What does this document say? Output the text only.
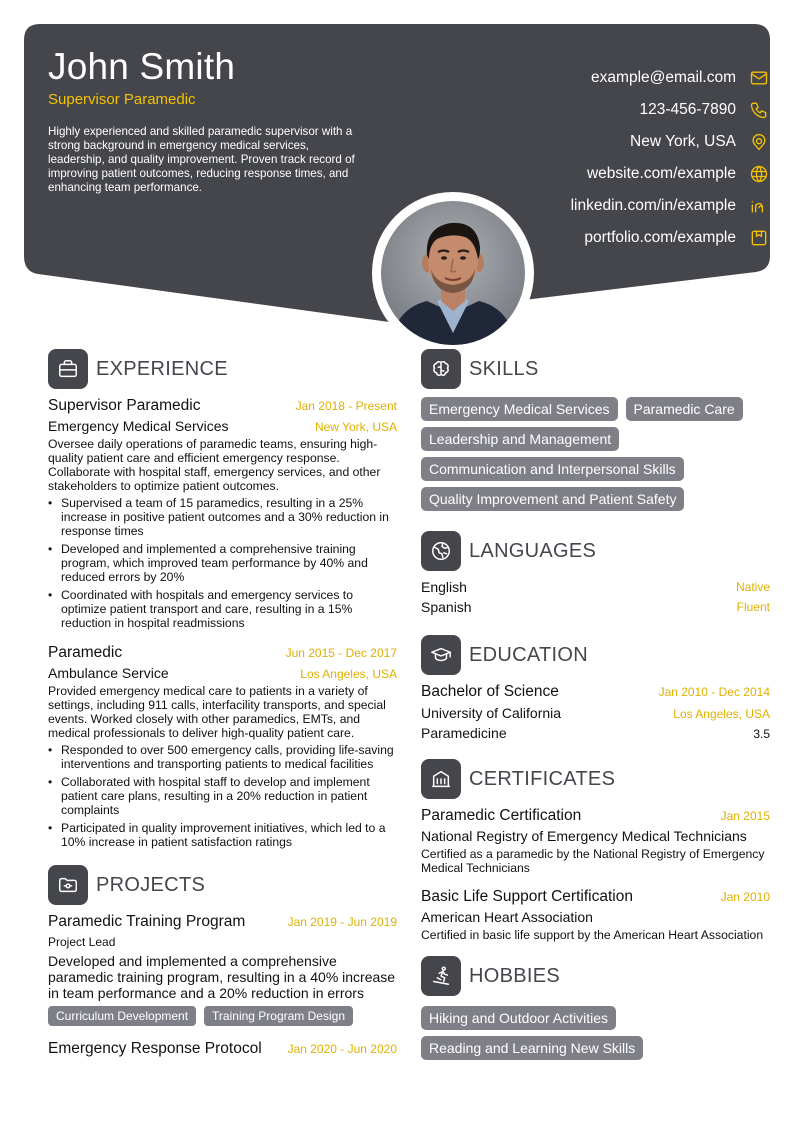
John Smith
Supervisor Paramedic
Highly experienced and skilled paramedic supervisor with a strong background in emergency medical services, leadership, and quality improvement. Proven track record of improving patient outcomes, reducing response times, and enhancing team performance.
example@email.com
123-456-7890
New York, USA
website.com/example
linkedin.com/in/example
portfolio.com/example
EXPERIENCE
Supervisor Paramedic	Jan 2018 - Present
Emergency Medical Services	New York, USA
Oversee daily operations of paramedic teams, ensuring high-quality patient care and efficient emergency response. Collaborate with hospital staff, emergency services, and other stakeholders to optimize patient outcomes.
• Supervised a team of 15 paramedics, resulting in a 25% increase in positive patient outcomes and a 30% reduction in response times
• Developed and implemented a comprehensive training program, which improved team performance by 40% and reduced errors by 20%
• Coordinated with hospitals and emergency services to optimize patient transport and care, resulting in a 15% reduction in hospital readmissions
Paramedic	Jun 2015 - Dec 2017
Ambulance Service	Los Angeles, USA
Provided emergency medical care to patients in a variety of settings, including 911 calls, interfacility transports, and special events. Worked closely with other paramedics, EMTs, and medical professionals to deliver high-quality patient care.
• Responded to over 500 emergency calls, providing life-saving interventions and transporting patients to medical facilities
• Collaborated with hospital staff to develop and implement patient care plans, resulting in a 20% reduction in patient complaints
• Participated in quality improvement initiatives, which led to a 10% increase in patient satisfaction ratings
PROJECTS
Paramedic Training Program	Jan 2019 - Jun 2019
Project Lead
Developed and implemented a comprehensive paramedic training program, resulting in a 40% increase in team performance and a 20% reduction in errors
Curriculum Development	Training Program Design
Emergency Response Protocol Jan 2020 - Jun 2020
SKILLS
Emergency Medical Services	Paramedic Care
Leadership and Management
Communication and Interpersonal Skills
Quality Improvement and Patient Safety
LANGUAGES
English	Native
Spanish	Fluent
EDUCATION
Bachelor of Science	Jan 2010 - Dec 2014
University of California	Los Angeles, USA
Paramedicine	3.5
CERTIFICATES
Paramedic Certification	Jan 2015
National Registry of Emergency Medical Technicians
Certified as a paramedic by the National Registry of Emergency Medical Technicians
Basic Life Support Certification	Jan 2010
American Heart Association
Certified in basic life support by the American Heart Association
HOBBIES
Hiking and Outdoor Activities
Reading and Learning New Skills
